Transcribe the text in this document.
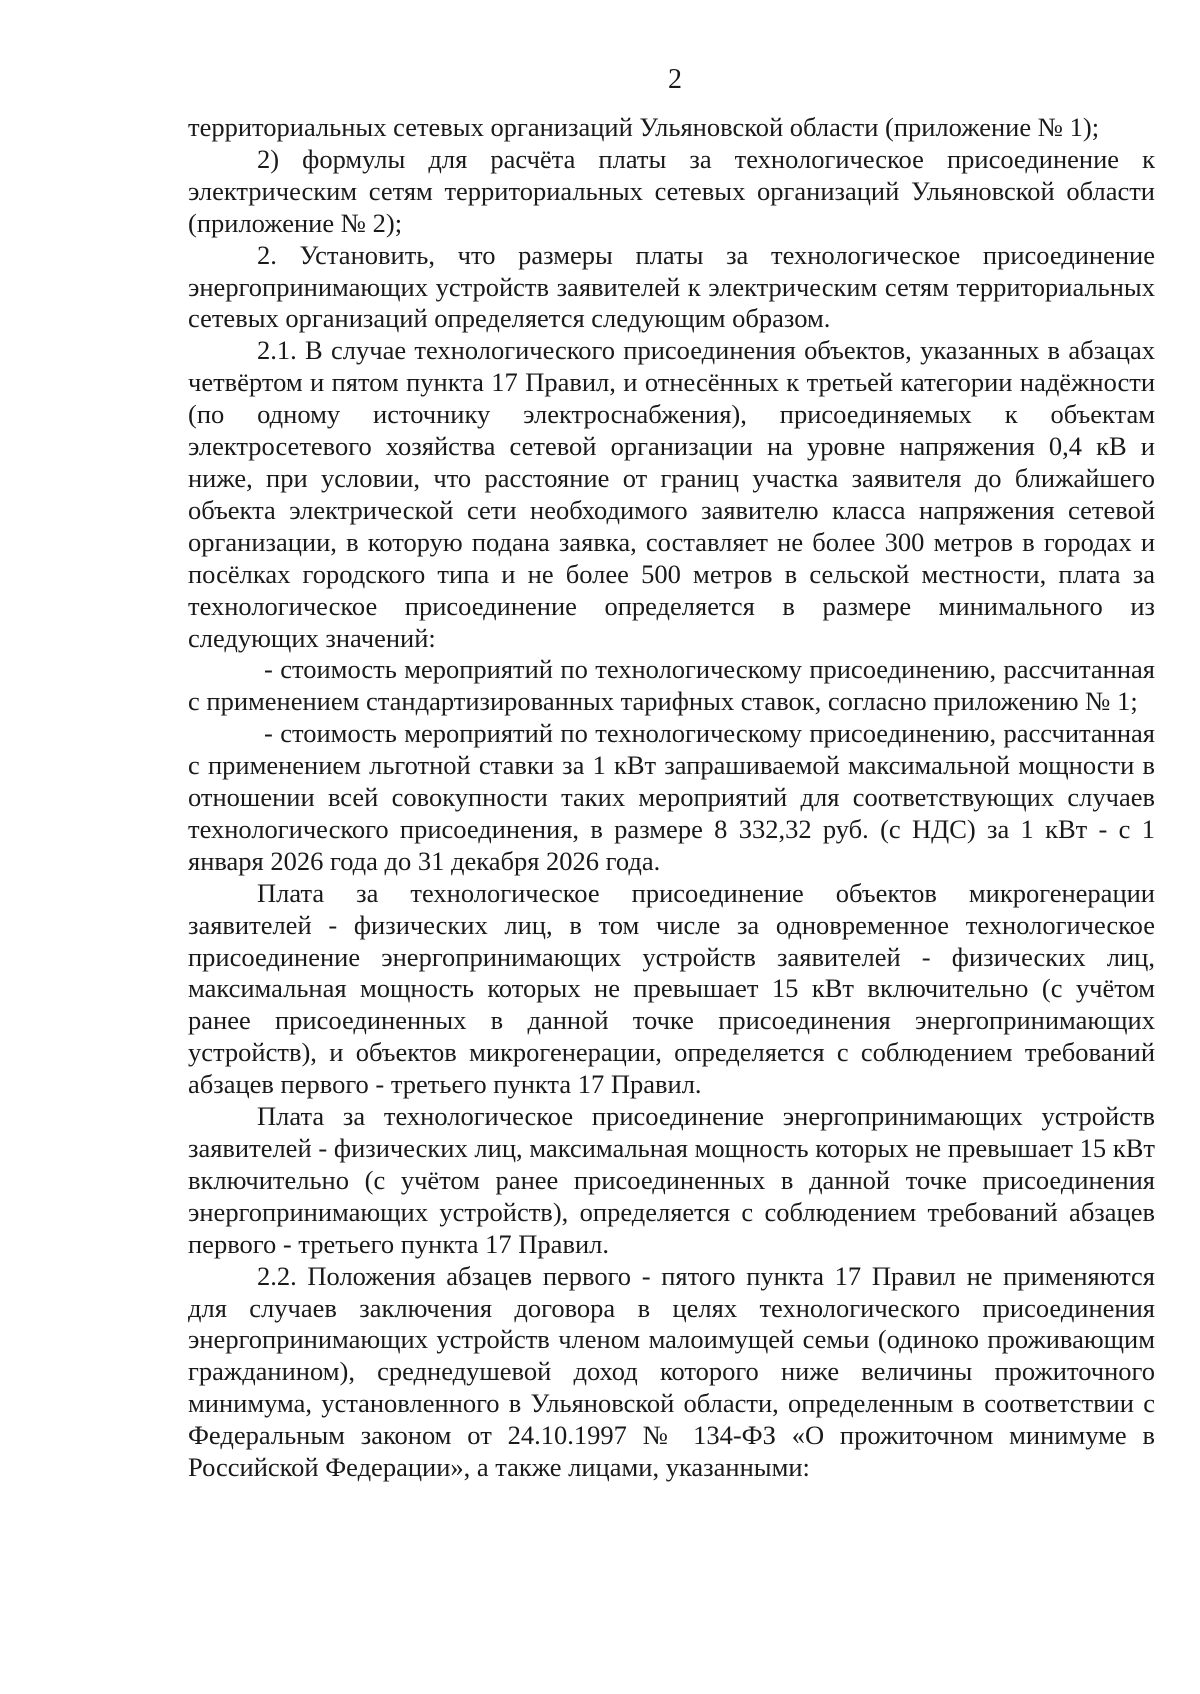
2

территориальных сетевых организаций Ульяновской области (приложение № 1);

2) формулы для расчёта платы за технологическое присоединение к электрическим сетям территориальных сетевых организаций Ульяновской области (приложение № 2);

2. Установить, что размеры платы за технологическое присоединение энергопринимающих устройств заявителей к электрическим сетям территориальных сетевых организаций определяется следующим образом.

2.1. В случае технологического присоединения объектов, указанных в абзацах четвёртом и пятом пункта 17 Правил, и отнесённых к третьей категории надёжности (по одному источнику электроснабжения), присоединяемых к объектам электросетевого хозяйства сетевой организации на уровне напряжения 0,4 кВ и ниже, при условии, что расстояние от границ участка заявителя до ближайшего объекта электрической сети необходимого заявителю класса напряжения сетевой организации, в которую подана заявка, составляет не более 300 метров в городах и посёлках городского типа и не более 500 метров в сельской местности, плата за технологическое присоединение определяется в размере минимального из следующих значений:

- стоимость мероприятий по технологическому присоединению, рассчитанная с применением стандартизированных тарифных ставок, согласно приложению № 1;

- стоимость мероприятий по технологическому присоединению, рассчитанная с применением льготной ставки за 1 кВт запрашиваемой максимальной мощности в отношении всей совокупности таких мероприятий для соответствующих случаев технологического присоединения, в размере 8 332,32 руб. (с НДС) за 1 кВт - с 1 января 2026 года до 31 декабря 2026 года.

Плата за технологическое присоединение объектов микрогенерации заявителей - физических лиц, в том числе за одновременное технологическое присоединение энергопринимающих устройств заявителей - физических лиц, максимальная мощность которых не превышает 15 кВт включительно (с учётом ранее присоединенных в данной точке присоединения энергопринимающих устройств), и объектов микрогенерации, определяется с соблюдением требований абзацев первого - третьего пункта 17 Правил.

Плата за технологическое присоединение энергопринимающих устройств заявителей - физических лиц, максимальная мощность которых не превышает 15 кВт включительно (с учётом ранее присоединенных в данной точке присоединения энергопринимающих устройств), определяется с соблюдением требований абзацев первого - третьего пункта 17 Правил.

2.2. Положения абзацев первого - пятого пункта 17 Правил не применяются для случаев заключения договора в целях технологического присоединения энергопринимающих устройств членом малоимущей семьи (одиноко проживающим гражданином), среднедушевой доход которого ниже величины прожиточного минимума, установленного в Ульяновской области, определенным в соответствии с Федеральным законом от 24.10.1997 № 134-ФЗ «О прожиточном минимуме в Российской Федерации», а также лицами, указанными:
